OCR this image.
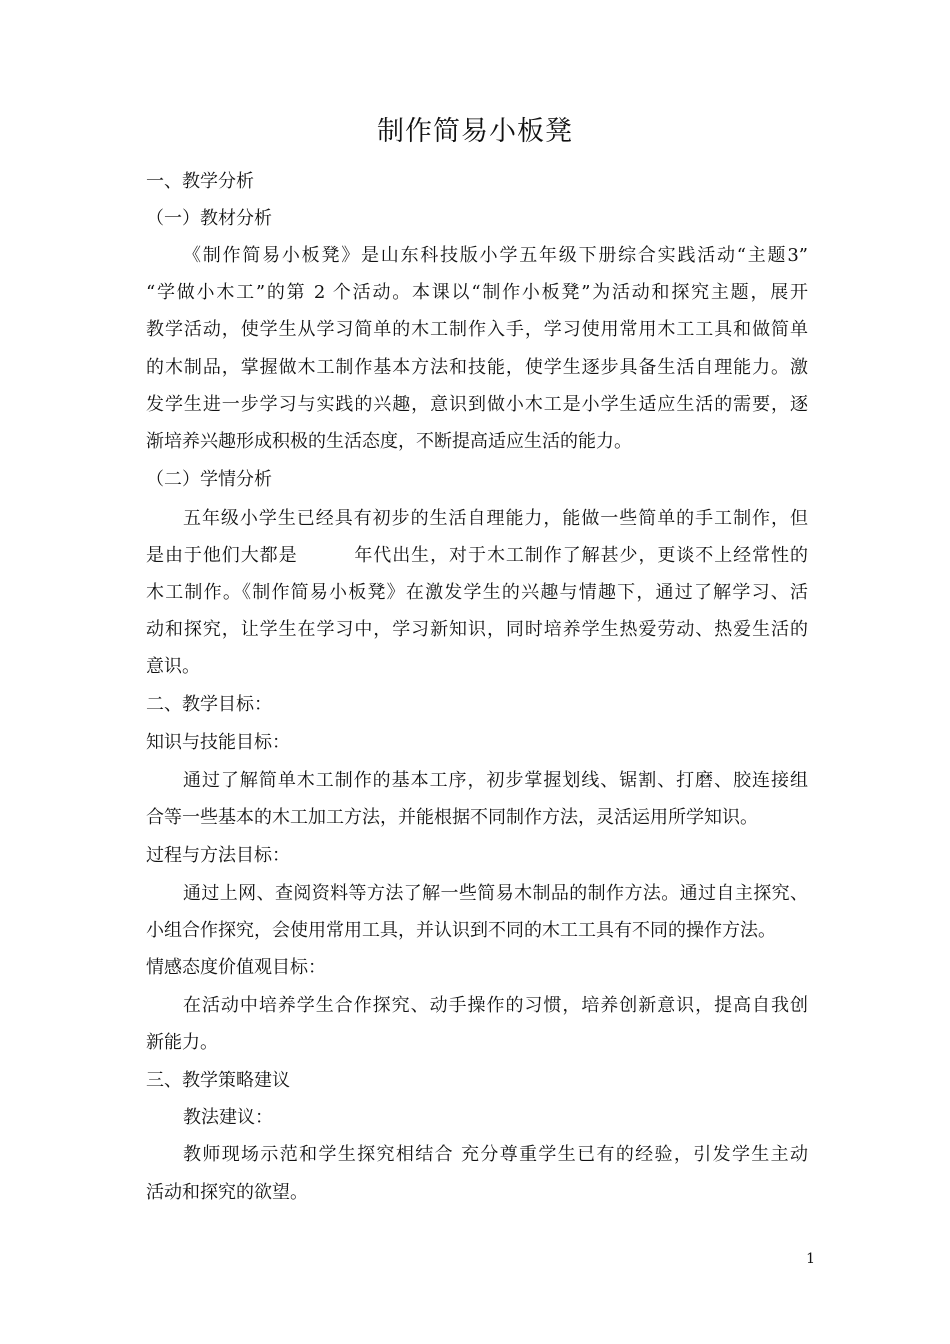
制作简易小板凳
一、教学分析
（一）教材分析
《制作简易小板凳》是山东科技版小学五年级下册综合实践活动“主题3”
“学做小木工”的第 2 个活动。本课以“制作小板凳”为活动和探究主题，展开
教学活动，使学生从学习简单的木工制作入手，学习使用常用木工工具和做简单
的木制品，掌握做木工制作基本方法和技能，使学生逐步具备生活自理能力。激
发学生进一步学习与实践的兴趣，意识到做小木工是小学生适应生活的需要，逐
渐培养兴趣形成积极的生活态度，不断提高适应生活的能力。
（二）学情分析
五年级小学生已经具有初步的生活自理能力，能做一些简单的手工制作，但
是由于他们大都是　　　年代出生，对于木工制作了解甚少，更谈不上经常性的
木工制作。《制作简易小板凳》在激发学生的兴趣与情趣下，通过了解学习、活
动和探究，让学生在学习中，学习新知识，同时培养学生热爱劳动、热爱生活的
意识。
二、教学目标：
知识与技能目标：
通过了解简单木工制作的基本工序，初步掌握划线、锯割、打磨、胶连接组
合等一些基本的木工加工方法，并能根据不同制作方法，灵活运用所学知识。
过程与方法目标：
通过上网、查阅资料等方法了解一些简易木制品的制作方法。通过自主探究、
小组合作探究，会使用常用工具，并认识到不同的木工工具有不同的操作方法。
情感态度价值观目标：
在活动中培养学生合作探究、动手操作的习惯，培养创新意识，提高自我创
新能力。
三、教学策略建议
教法建议：
教师现场示范和学生探究相结合 充分尊重学生已有的经验，引发学生主动
活动和探究的欲望。
1
